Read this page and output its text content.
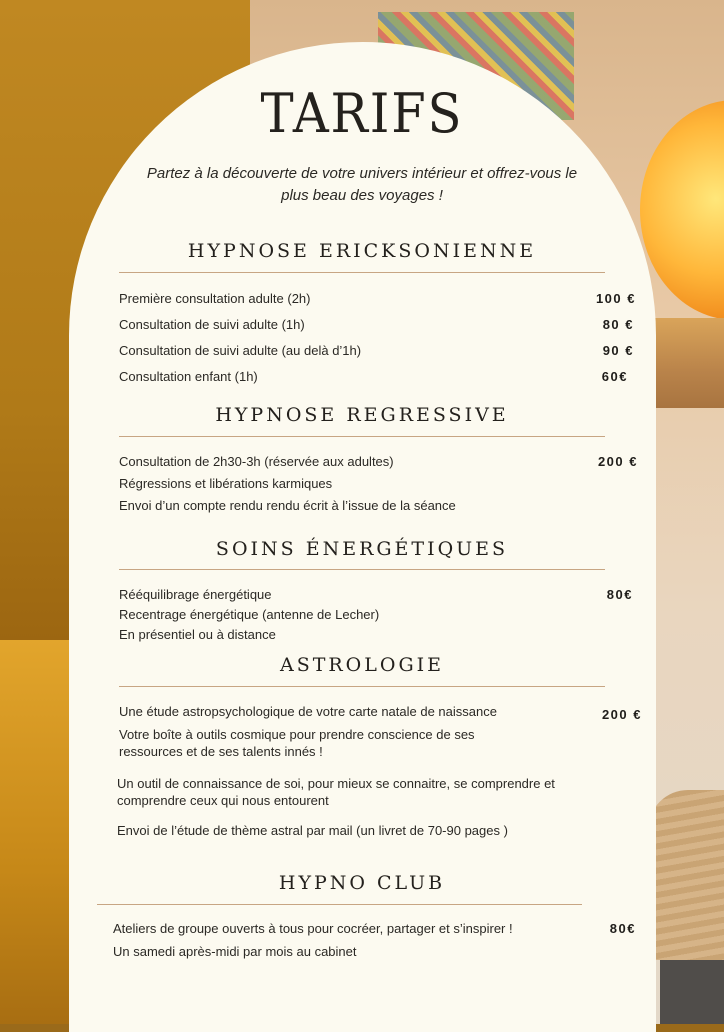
TARIFS
Partez à la découverte de votre univers intérieur et offrez-vous le plus beau des voyages !
HYPNOSE ERICKSONIENNE
Première consultation adulte (2h)	100 €
Consultation de suivi adulte (1h)	80 €
Consultation de suivi adulte (au delà d’1h)	90 €
Consultation enfant (1h)	60€
HYPNOSE REGRESSIVE
Consultation de 2h30-3h (réservée aux adultes)	200 €
Régressions et libérations karmiques
Envoi d’un compte rendu rendu écrit à l’issue de la séance
SOINS ÉNERGÉTIQUES
Rééquilibrage énergétique	80€
Recentrage énergétique (antenne de Lecher)
En présentiel ou à distance
ASTROLOGIE
Une étude astropsychologique de votre carte natale de naissance	200 €
Votre boîte à outils cosmique pour prendre conscience de ses ressources et de ses talents innés !
Un outil de connaissance de soi, pour mieux se connaitre, se comprendre et comprendre ceux qui nous entourent
Envoi de l’étude de thème astral par mail (un livret de 70-90 pages )
HYPNO CLUB
Ateliers de groupe ouverts à tous pour cocréer, partager et s’inspirer !	80€
Un samedi après-midi par mois au cabinet
